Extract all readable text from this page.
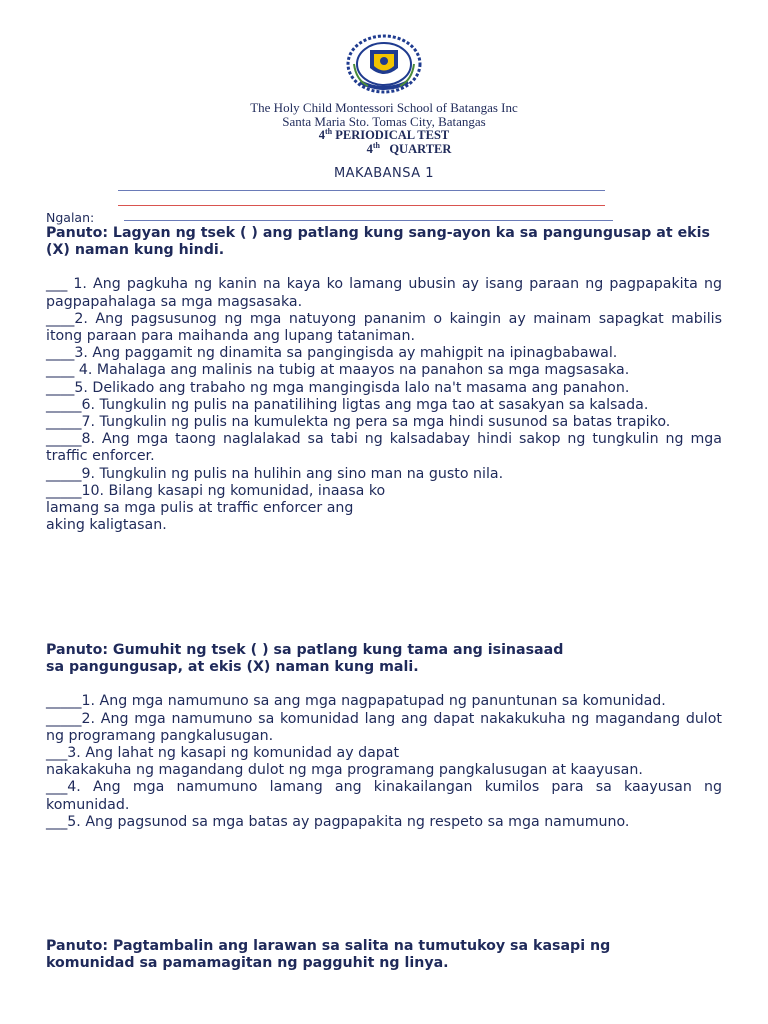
The Holy Child Montessori School of Batangas Inc
Santa Maria Sto. Tomas City, Batangas
4th PERIODICAL TEST
4th   QUARTER
MAKABANSA 1
Ngalan:

Panuto: Lagyan ng tsek ( ) ang patlang kung sang-ayon ka sa pangungusap at ekis (X) naman kung hindi.

___ 1. Ang pagkuha ng kanin na kaya ko lamang ubusin ay isang paraan ng pagpapakita ng pagpapahalaga sa mga magsasaka.

____2. Ang pagsusunog ng mga natuyong pananim o kaingin ay mainam sapagkat mabilis itong paraan para maihanda ang lupang tataniman.

____3. Ang paggamit ng dinamita sa pangingisda ay mahigpit na ipinagbabawal.

____ 4. Mahalaga ang malinis na tubig at maayos na panahon sa mga magsasaka.

____5. Delikado ang trabaho ng mga mangingisda lalo na't masama ang panahon.

_____6. Tungkulin ng pulis na panatilihing ligtas ang mga tao at sasakyan sa kalsada.

_____7. Tungkulin ng pulis na kumulekta ng pera sa mga hindi susunod sa batas trapiko.

_____8. Ang mga taong naglalakad sa tabi ng kalsadabay hindi sakop ng tungkulin ng mga traffic enforcer.

_____9. Tungkulin ng pulis na hulihin ang sino man na gusto nila.

_____10. Bilang kasapi ng komunidad, inaasa ko

lamang sa mga pulis at traffic enforcer ang

aking kaligtasan.

Panuto: Gumuhit ng tsek ( ) sa patlang kung tama ang isinasaad

sa pangungusap, at ekis (X) naman kung mali.

_____1. Ang mga namumuno sa ang mga nagpapatupad ng panuntunan sa komunidad.

_____2. Ang mga namumuno sa komunidad lang ang dapat nakakukuha ng magandang dulot ng programang pangkalusugan.

___3. Ang lahat ng kasapi ng komunidad ay dapat

nakakakuha ng magandang dulot ng mga programang pangkalusugan at kaayusan.

___4. Ang mga namumuno lamang ang kinakailangan kumilos para sa kaayusan ng komunidad.

___5. Ang pagsunod sa mga batas ay pagpapakita ng respeto sa mga namumuno.

Panuto: Pagtambalin ang larawan sa salita na tumutukoy sa kasapi ng

komunidad sa pamamagitan ng pagguhit ng linya.
